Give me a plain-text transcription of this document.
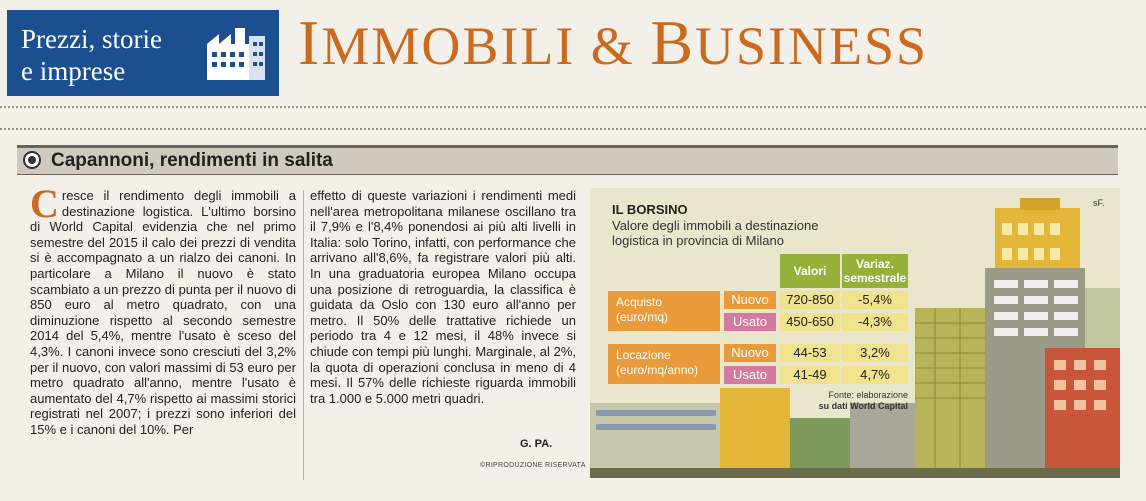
Prezzi, storie
e imprese	IMMOBILI & BUSINESS
Capannoni, rendimenti in salita
C resce il rendimento degli immobili a destinazione logistica. L'ultimo borsino di World Capital evidenzia che nel primo semestre del 2015 il calo dei prezzi di vendita si è accompagnato a un rialzo dei canoni. In particolare a Milano il nuovo è stato scambiato a un prezzo di punta per il nuovo di 850 euro al metro quadrato, con una diminuzione rispetto al secondo semestre 2014 del 5,4%, mentre l'usato è sceso del 4,3%. I canoni invece sono cresciuti del 3,2% per il nuovo, con valori massimi di 53 euro per metro quadrato all'anno, mentre l'usato è aumentato del 4,7% rispetto ai massimi storici registrati nel 2007; i prezzi sono inferiori del 15% e i canoni del 10%. Per

effetto di queste variazioni i rendimenti medi nell'area metropolitana milanese oscillano tra il 7,9% e l'8,4% ponendosi ai più alti livelli in Italia: solo Torino, infatti, con performance che arrivano all'8,6%, fa registrare valori più alti. In una graduatoria europea Milano occupa una posizione di retroguardia, la classifica è guidata da Oslo con 130 euro all'anno per metro. Il 50% delle trattative richiede un periodo tra 4 e 12 mesi, il 48% invece si chiude con tempi più lunghi. Marginale, al 2%, la quota di operazioni conclusa in meno di 4 mesi. Il 57% delle richieste riguarda immobili tra 1.000 e 5.000 metri quadri.

G. PA.
©RIPRODUZIONE RISERVATA
IL BORSINO
Valore degli immobili a destinazione
logistica in provincia di Milano
sF.
Valori	Variaz.
semestrale
Acquisto
(euro/mq)
Nuovo	720-850	-5,4%
Usato	450-650	-4,3%
Locazione
(euro/mq/anno)
Nuovo	44-53	3,2%
Usato	41-49	4,7%
Fonte: elaborazione
su dati World Capital
